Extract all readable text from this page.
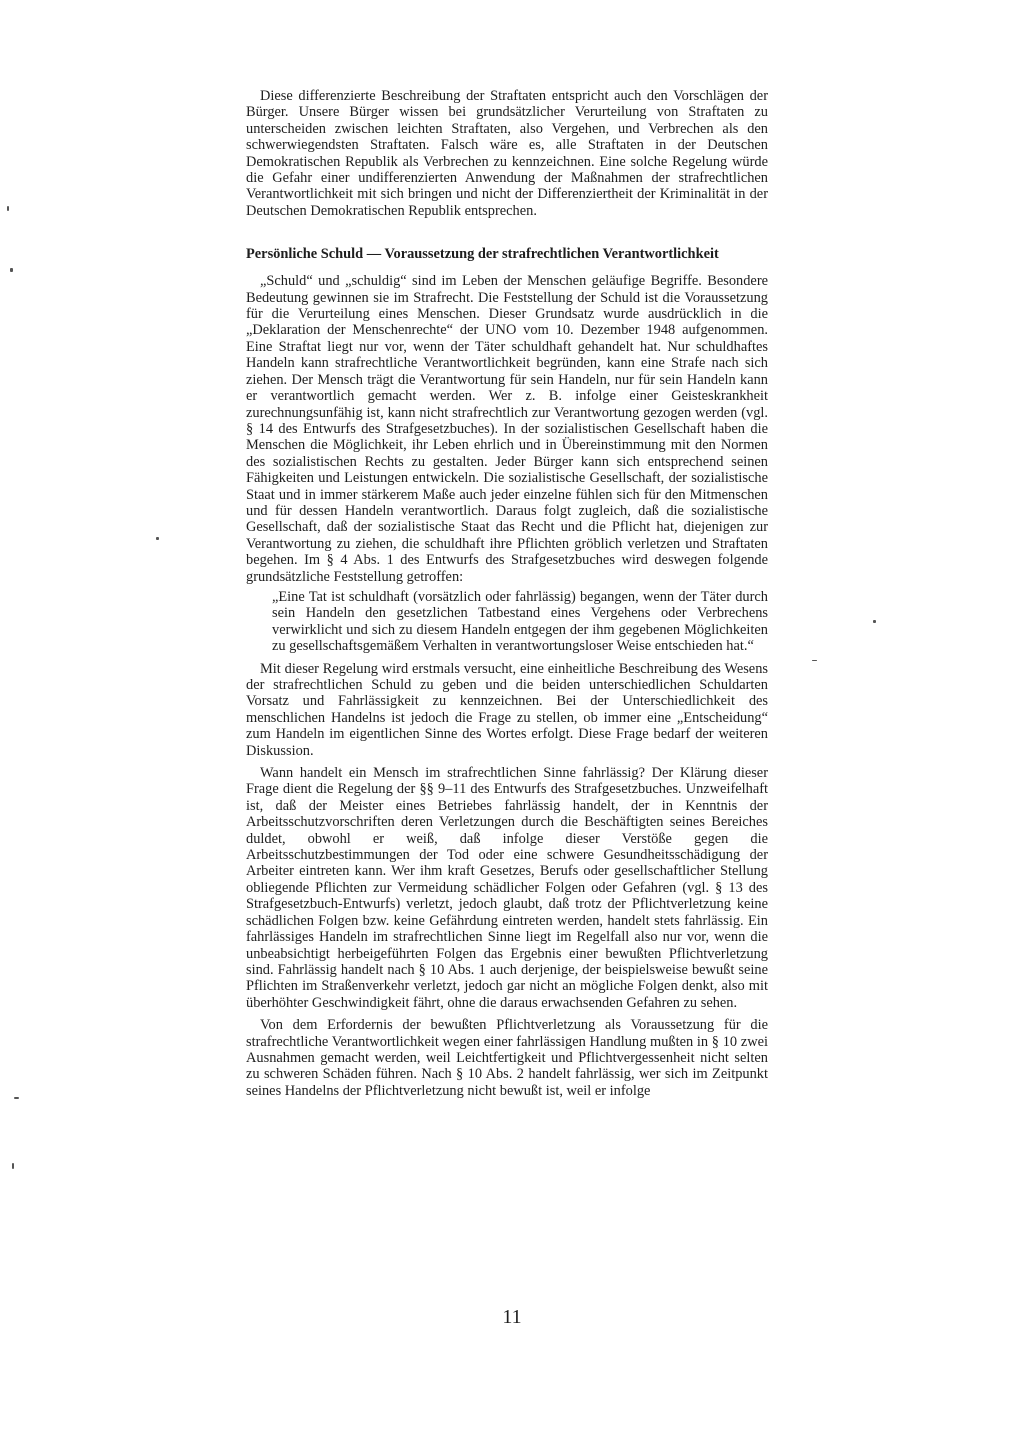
Diese differenzierte Beschreibung der Straftaten entspricht auch den Vorschlägen der Bürger. Unsere Bürger wissen bei grundsätzlicher Verurteilung von Straftaten zu unterscheiden zwischen leichten Straftaten, also Vergehen, und Verbrechen als den schwerwiegendsten Straftaten. Falsch wäre es, alle Straftaten in der Deutschen Demokratischen Republik als Verbrechen zu kennzeichnen. Eine solche Regelung würde die Gefahr einer undifferenzierten Anwendung der Maßnahmen der strafrechtlichen Verantwortlichkeit mit sich bringen und nicht der Differenziertheit der Kriminalität in der Deutschen Demokratischen Republik entsprechen.

Persönliche Schuld — Voraussetzung der strafrechtlichen Verantwortlichkeit

„Schuld“ und „schuldig“ sind im Leben der Menschen geläufige Begriffe. Besondere Bedeutung gewinnen sie im Strafrecht. Die Feststellung der Schuld ist die Voraussetzung für die Verurteilung eines Menschen. Dieser Grundsatz wurde ausdrücklich in die „Deklaration der Menschenrechte“ der UNO vom 10. Dezember 1948 aufgenommen. Eine Straftat liegt nur vor, wenn der Täter schuldhaft gehandelt hat. Nur schuldhaftes Handeln kann strafrechtliche Verantwortlichkeit begründen, kann eine Strafe nach sich ziehen. Der Mensch trägt die Verantwortung für sein Handeln, nur für sein Handeln kann er verantwortlich gemacht werden. Wer z. B. infolge einer Geisteskrankheit zurechnungsunfähig ist, kann nicht strafrechtlich zur Verantwortung gezogen werden (vgl. § 14 des Entwurfs des Strafgesetzbuches). In der sozialistischen Gesellschaft haben die Menschen die Möglichkeit, ihr Leben ehrlich und in Übereinstimmung mit den Normen des sozialistischen Rechts zu gestalten. Jeder Bürger kann sich entsprechend seinen Fähigkeiten und Leistungen entwickeln. Die sozialistische Gesellschaft, der sozialistische Staat und in immer stärkerem Maße auch jeder einzelne fühlen sich für den Mitmenschen und für dessen Handeln verantwortlich. Daraus folgt zugleich, daß die sozialistische Gesellschaft, daß der sozialistische Staat das Recht und die Pflicht hat, diejenigen zur Verantwortung zu ziehen, die schuldhaft ihre Pflichten gröblich verletzen und Straftaten begehen. Im § 4 Abs. 1 des Entwurfs des Strafgesetzbuches wird deswegen folgende grundsätzliche Feststellung getroffen:

„Eine Tat ist schuldhaft (vorsätzlich oder fahrlässig) begangen, wenn der Täter durch sein Handeln den gesetzlichen Tatbestand eines Vergehens oder Verbrechens verwirklicht und sich zu diesem Handeln entgegen der ihm gegebenen Möglichkeiten zu gesellschaftsgemäßem Verhalten in verantwortungsloser Weise entschieden hat.“

Mit dieser Regelung wird erstmals versucht, eine einheitliche Beschreibung des Wesens der strafrechtlichen Schuld zu geben und die beiden unterschiedlichen Schuldarten Vorsatz und Fahrlässigkeit zu kennzeichnen. Bei der Unterschiedlichkeit des menschlichen Handelns ist jedoch die Frage zu stellen, ob immer eine „Entscheidung“ zum Handeln im eigentlichen Sinne des Wortes erfolgt. Diese Frage bedarf der weiteren Diskussion.

Wann handelt ein Mensch im strafrechtlichen Sinne fahrlässig? Der Klärung dieser Frage dient die Regelung der §§ 9–11 des Entwurfs des Strafgesetzbuches. Unzweifelhaft ist, daß der Meister eines Betriebes fahrlässig handelt, der in Kenntnis der Arbeitsschutzvorschriften deren Verletzungen durch die Beschäftigten seines Bereiches duldet, obwohl er weiß, daß infolge dieser Verstöße gegen die Arbeitsschutzbestimmungen der Tod oder eine schwere Gesundheitsschädigung der Arbeiter eintreten kann. Wer ihm kraft Gesetzes, Berufs oder gesellschaftlicher Stellung obliegende Pflichten zur Vermeidung schädlicher Folgen oder Gefahren (vgl. § 13 des Strafgesetzbuch-Entwurfs) verletzt, jedoch glaubt, daß trotz der Pflichtverletzung keine schädlichen Folgen bzw. keine Gefährdung eintreten werden, handelt stets fahrlässig. Ein fahrlässiges Handeln im strafrechtlichen Sinne liegt im Regelfall also nur vor, wenn die unbeabsichtigt herbeigeführten Folgen das Ergebnis einer bewußten Pflichtverletzung sind. Fahrlässig handelt nach § 10 Abs. 1 auch derjenige, der beispielsweise bewußt seine Pflichten im Straßenverkehr verletzt, jedoch gar nicht an mögliche Folgen denkt, also mit überhöhter Geschwindigkeit fährt, ohne die daraus erwachsenden Gefahren zu sehen.

Von dem Erfordernis der bewußten Pflichtverletzung als Voraussetzung für die strafrechtliche Verantwortlichkeit wegen einer fahrlässigen Handlung mußten in § 10 zwei Ausnahmen gemacht werden, weil Leichtfertigkeit und Pflichtvergessenheit nicht selten zu schweren Schäden führen. Nach § 10 Abs. 2 handelt fahrlässig, wer sich im Zeitpunkt seines Handelns der Pflichtverletzung nicht bewußt ist, weil er infolge

11
